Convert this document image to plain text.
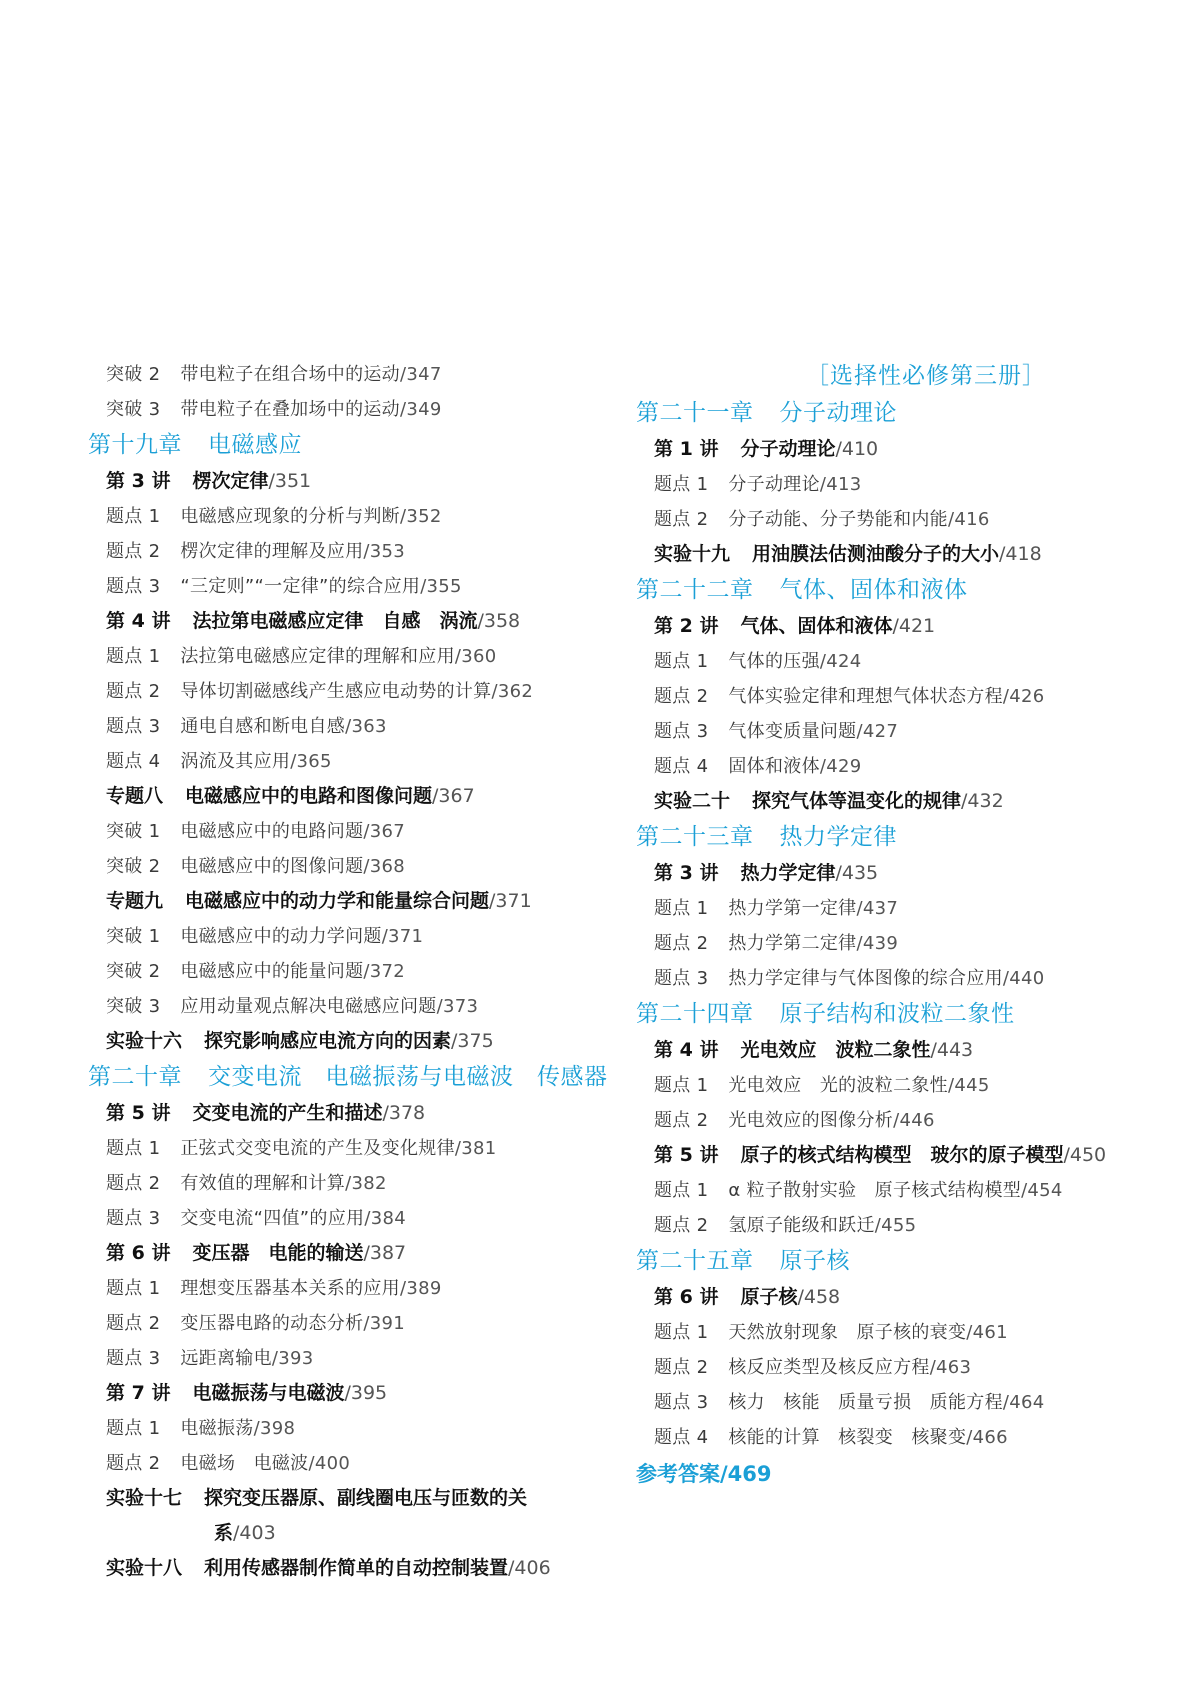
突破 2 带电粒子在组合场中的运动/347
突破 3 带电粒子在叠加场中的运动/349
第十九章 电磁感应
第 3 讲 楞次定律/351
题点 1 电磁感应现象的分析与判断/352
题点 2 楞次定律的理解及应用/353
题点 3 “三定则”“一定律”的综合应用/355
第 4 讲 法拉第电磁感应定律　自感　涡流/358
题点 1 法拉第电磁感应定律的理解和应用/360
题点 2 导体切割磁感线产生感应电动势的计算/362
题点 3 通电自感和断电自感/363
题点 4 涡流及其应用/365
专题八 电磁感应中的电路和图像问题/367
突破 1 电磁感应中的电路问题/367
突破 2 电磁感应中的图像问题/368
专题九 电磁感应中的动力学和能量综合问题/371
突破 1 电磁感应中的动力学问题/371
突破 2 电磁感应中的能量问题/372
突破 3 应用动量观点解决电磁感应问题/373
实验十六 探究影响感应电流方向的因素/375
第二十章 交变电流　电磁振荡与电磁波　传感器
第 5 讲 交变电流的产生和描述/378
题点 1 正弦式交变电流的产生及变化规律/381
题点 2 有效值的理解和计算/382
题点 3 交变电流“四值”的应用/384
第 6 讲 变压器　电能的输送/387
题点 1 理想变压器基本关系的应用/389
题点 2 变压器电路的动态分析/391
题点 3 远距离输电/393
第 7 讲 电磁振荡与电磁波/395
题点 1 电磁振荡/398
题点 2 电磁场　电磁波/400
实验十七 探究变压器原、副线圈电压与匝数的关
系/403
实验十八 利用传感器制作简单的自动控制装置/406
［选择性必修第三册］
第二十一章 分子动理论
第 1 讲 分子动理论/410
题点 1 分子动理论/413
题点 2 分子动能、分子势能和内能/416
实验十九 用油膜法估测油酸分子的大小/418
第二十二章 气体、固体和液体
第 2 讲 气体、固体和液体/421
题点 1 气体的压强/424
题点 2 气体实验定律和理想气体状态方程/426
题点 3 气体变质量问题/427
题点 4 固体和液体/429
实验二十 探究气体等温变化的规律/432
第二十三章 热力学定律
第 3 讲 热力学定律/435
题点 1 热力学第一定律/437
题点 2 热力学第二定律/439
题点 3 热力学定律与气体图像的综合应用/440
第二十四章 原子结构和波粒二象性
第 4 讲 光电效应　波粒二象性/443
题点 1 光电效应　光的波粒二象性/445
题点 2 光电效应的图像分析/446
第 5 讲 原子的核式结构模型　玻尔的原子模型/450
题点 1 α 粒子散射实验　原子核式结构模型/454
题点 2 氢原子能级和跃迁/455
第二十五章 原子核
第 6 讲 原子核/458
题点 1 天然放射现象　原子核的衰变/461
题点 2 核反应类型及核反应方程/463
题点 3 核力　核能　质量亏损　质能方程/464
题点 4 核能的计算　核裂变　核聚变/466
参考答案/469
